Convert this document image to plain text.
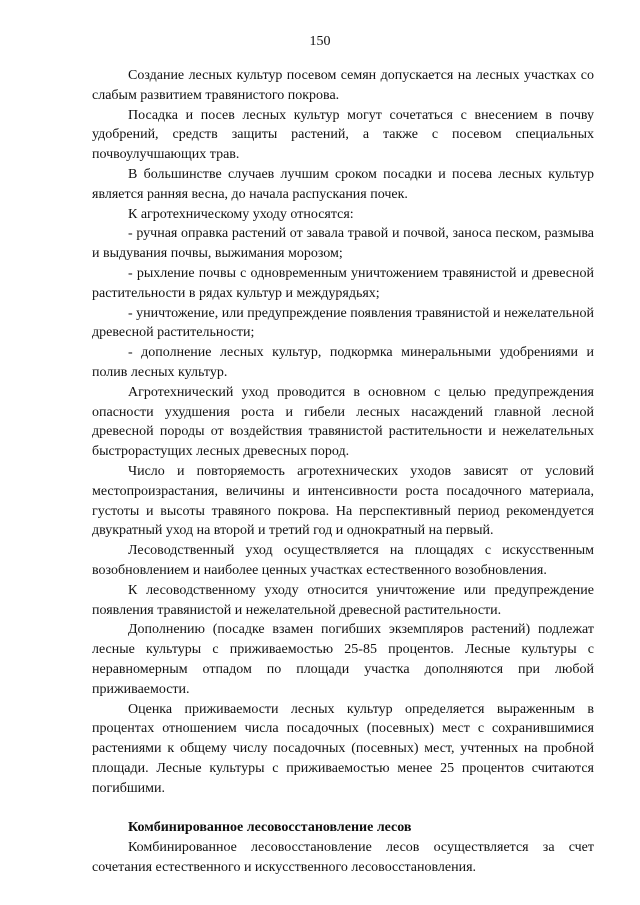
150

Создание лесных культур посевом семян допускается на лесных участках со слабым развитием травянистого покрова.

Посадка и посев лесных культур могут сочетаться с внесением в почву удобрений, средств защиты растений, а также с посевом специальных почвоулучшающих трав.

В большинстве случаев лучшим сроком посадки и посева лесных культур является ранняя весна, до начала распускания почек.

К агротехническому уходу относятся:

- ручная оправка растений от завала травой и почвой, заноса песком, размыва и выдувания почвы, выжимания морозом;

- рыхление почвы с одновременным уничтожением травянистой и древесной растительности в рядах культур и междурядьях;

- уничтожение, или предупреждение появления травянистой и нежелательной древесной растительности;

- дополнение лесных культур, подкормка минеральными удобрениями и полив лесных культур.

Агротехнический уход проводится в основном с целью предупреждения опасности ухудшения роста и гибели лесных насаждений главной лесной древесной породы от воздействия травянистой растительности и нежелательных быстрорастущих лесных древесных пород.

Число и повторяемость агротехнических уходов зависят от условий местопроизрастания, величины и интенсивности роста посадочного материала, густоты и высоты травяного покрова. На перспективный период рекомендуется двукратный уход на второй и третий год и однократный на первый.

Лесоводственный уход осуществляется на площадях с искусственным возобновлением и наиболее ценных участках естественного возобновления.

К лесоводственному уходу относится уничтожение или предупреждение появления травянистой и нежелательной древесной растительности.

Дополнению (посадке взамен погибших экземпляров растений) подлежат лесные культуры с приживаемостью 25-85 процентов. Лесные культуры с неравномерным отпадом по площади участка дополняются при любой приживаемости.

Оценка приживаемости лесных культур определяется выраженным в процентах отношением числа посадочных (посевных) мест с сохранившимися растениями к общему числу посадочных (посевных) мест, учтенных на пробной площади. Лесные культуры с приживаемостью менее 25 процентов считаются погибшими.

Комбинированное лесовосстановление лесов

Комбинированное лесовосстановление лесов осуществляется за счет сочетания естественного и искусственного лесовосстановления.
